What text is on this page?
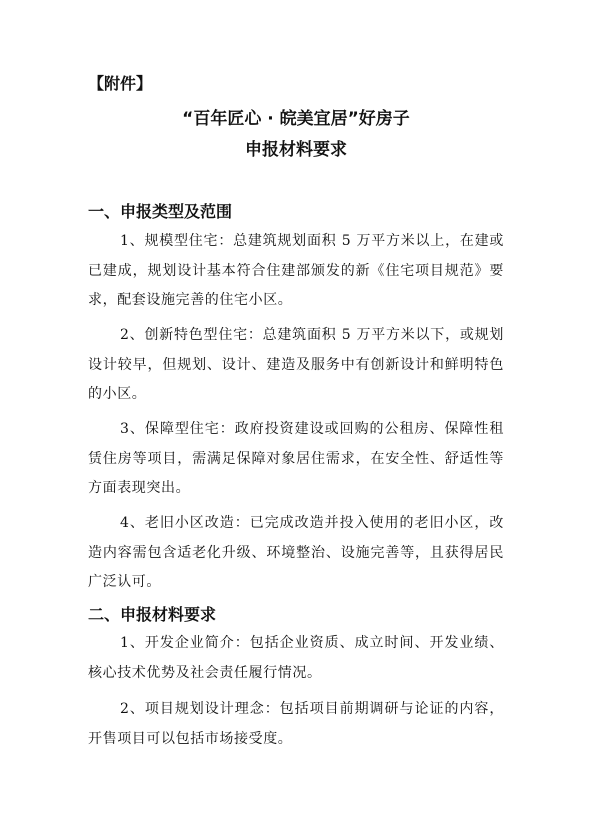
【附件】
“百年匠心 · 皖美宜居”好房子
申报材料要求
一、申报类型及范围

1、规模型住宅：总建筑规划面积 5 万平方米以上，在建或已建成，规划设计基本符合住建部颁发的新《住宅项目规范》要求，配套设施完善的住宅小区。

2、创新特色型住宅：总建筑面积 5 万平方米以下，或规划设计较早，但规划、设计、建造及服务中有创新设计和鲜明特色的小区。

3、保障型住宅：政府投资建设或回购的公租房、保障性租赁住房等项目，需满足保障对象居住需求，在安全性、舒适性等方面表现突出。

4、老旧小区改造：已完成改造并投入使用的老旧小区，改造内容需包含适老化升级、环境整治、设施完善等，且获得居民广泛认可。

二、申报材料要求

1、开发企业简介：包括企业资质、成立时间、开发业绩、核心技术优势及社会责任履行情况。

2、项目规划设计理念：包括项目前期调研与论证的内容，开售项目可以包括市场接受度。
